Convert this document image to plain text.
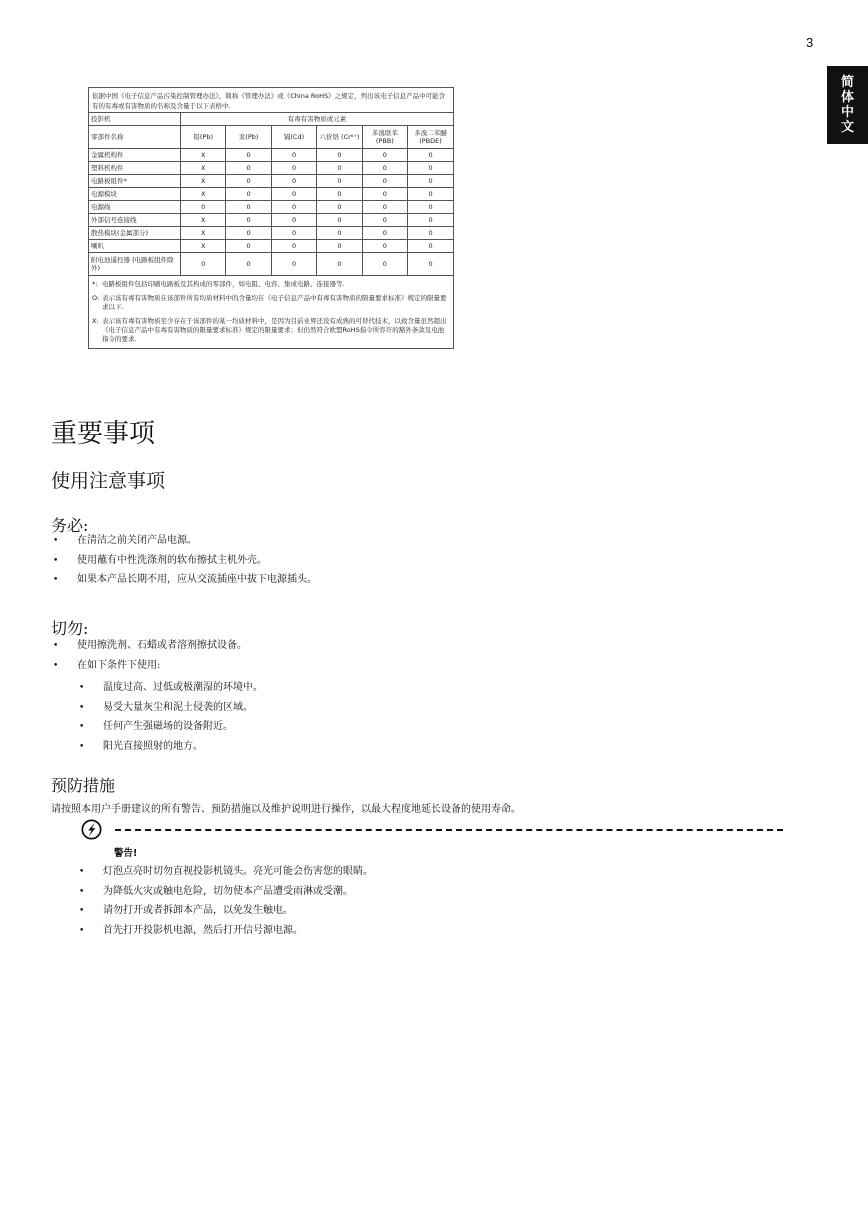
3
简
体
中
文
依据中国《电子信息产品污染控制管理办法》，简称《管理办法》或《China RoHS》之规定，列出该电子信息产品中可能含有的有毒或有害物质的名称及含量于以下表格中.
投影机	有毒有害物质或元素					
零部件名称	铅(Pb)	汞(Pb)	镉(Cd)	六价铬 (Cr⁶⁺)	多溴联苯 (PBB)	多溴二苯醚 (PBDE)
金属机构件	X	0	0	0	0	0
塑料机构件	X	0	0	0	0	0
电路板组件*	X	0	0	0	0	0
电源模块	X	0	0	0	0	0
电源线	0	0	0	0	0	0
外部信号连接线	X	0	0	0	0	0
散热模块(金属部分)	X	0	0	0	0	0
喇叭	X	0	0	0	0	0
附电池遥控器 (电路板组件除外)	0	0	0	0	0	0

*: 电路板组件包括印刷电路板及其构成的零部件，如电阻、电容、集成电路、连接器等.

O: 表示该有毒有害物质在该部件所有均质材料中的含量均在《电子信息产品中有毒有害物质的限量要求标准》规定的限量要求以下.

X: 表示该有毒有害物质至少存在于该部件的某一均质材料中，是因为目前业界还没有成熟的可替代技术，以致含量虽然超出《电子信息产品中有毒有害物质的限量要求标准》规定的限量要求；但仍然符合欧盟RoHS指令所容许的豁外条款及电池指令的要求.

重要事项
使用注意事项
务必:
• 在清洁之前关闭产品电源。
• 使用蘸有中性洗涤剂的软布擦拭主机外壳。
• 如果本产品长期不用，应从交流插座中拔下电源插头。
切勿:
• 使用擦洗剂、石蜡或者溶剂擦拭设备。
• 在如下条件下使用:
• 温度过高、过低或极潮湿的环境中。
• 易受大量灰尘和泥土侵袭的区域。
• 任何产生强磁场的设备附近。
• 阳光直接照射的地方。
预防措施

请按照本用户手册建议的所有警告、预防措施以及维护说明进行操作，以最大程度地延长设备的使用寿命。

警告!
• 灯泡点亮时切勿直视投影机镜头。亮光可能会伤害您的眼睛。
• 为降低火灾或触电危险，切勿使本产品遭受雨淋或受潮。
• 请勿打开或者拆卸本产品，以免发生触电。
• 首先打开投影机电源，然后打开信号源电源。
